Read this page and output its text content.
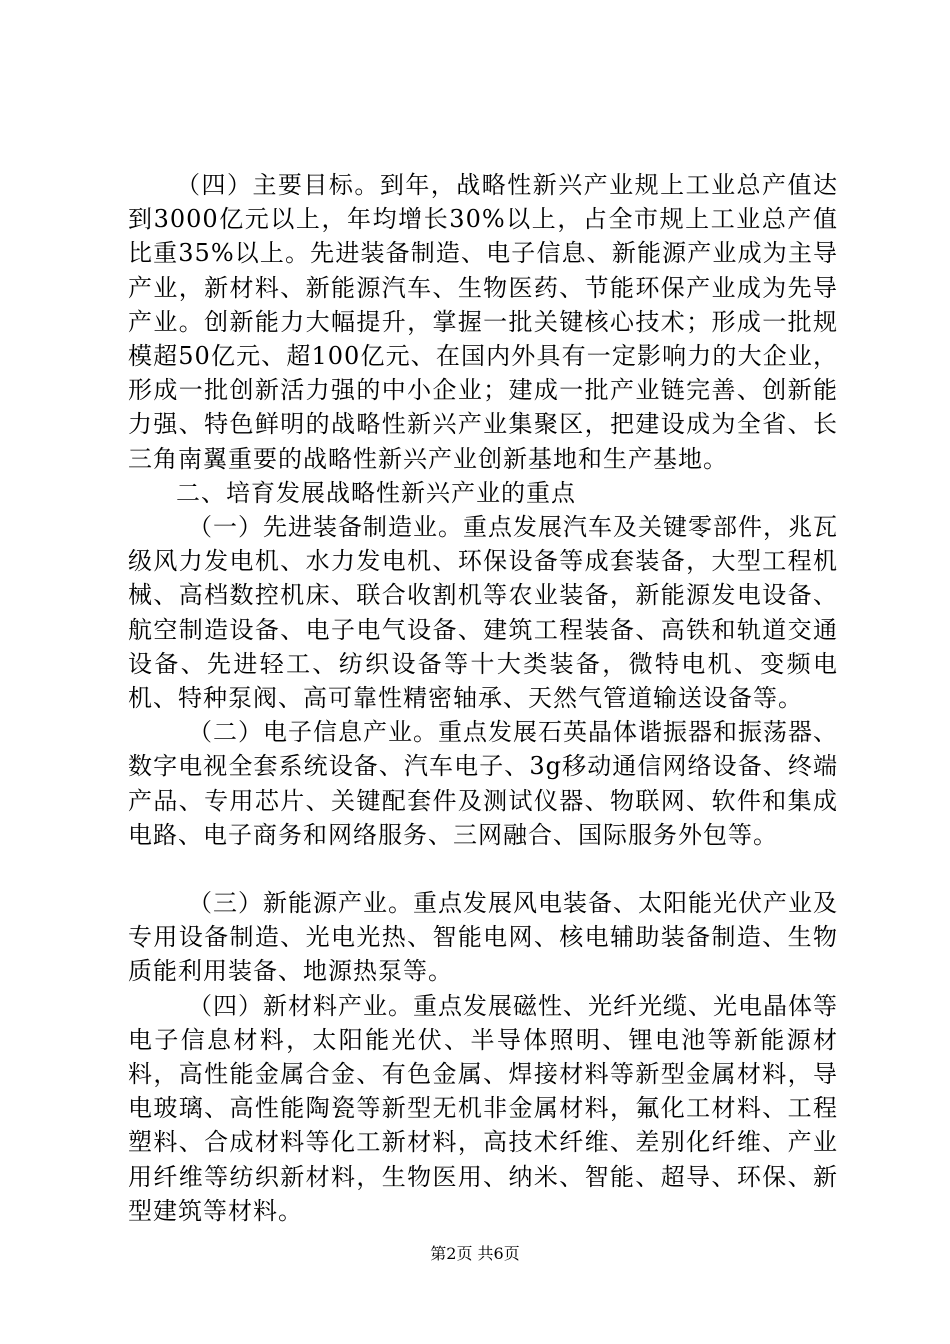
（四）主要目标。到年，战略性新兴产业规上工业总产值达到3000亿元以上，年均增长30%以上，占全市规上工业总产值比重35%以上。先进装备制造、电子信息、新能源产业成为主导产业，新材料、新能源汽车、生物医药、节能环保产业成为先导产业。创新能力大幅提升，掌握一批关键核心技术；形成一批规模超50亿元、超100亿元、在国内外具有一定影响力的大企业，形成一批创新活力强的中小企业；建成一批产业链完善、创新能力强、特色鲜明的战略性新兴产业集聚区，把建设成为全省、长三角南翼重要的战略性新兴产业创新基地和生产基地。

二、培育发展战略性新兴产业的重点

（一）先进装备制造业。重点发展汽车及关键零部件，兆瓦级风力发电机、水力发电机、环保设备等成套装备，大型工程机械、高档数控机床、联合收割机等农业装备，新能源发电设备、航空制造设备、电子电气设备、建筑工程装备、高铁和轨道交通设备、先进轻工、纺织设备等十大类装备，微特电机、变频电机、特种泵阀、高可靠性精密轴承、天然气管道输送设备等。

（二）电子信息产业。重点发展石英晶体谐振器和振荡器、数字电视全套系统设备、汽车电子、3g移动通信网络设备、终端产品、专用芯片、关键配套件及测试仪器、物联网、软件和集成电路、电子商务和网络服务、三网融合、国际服务外包等。

（三）新能源产业。重点发展风电装备、太阳能光伏产业及专用设备制造、光电光热、智能电网、核电辅助装备制造、生物质能利用装备、地源热泵等。

（四）新材料产业。重点发展磁性、光纤光缆、光电晶体等电子信息材料，太阳能光伏、半导体照明、锂电池等新能源材料，高性能金属合金、有色金属、焊接材料等新型金属材料，导电玻璃、高性能陶瓷等新型无机非金属材料，氟化工材料、工程塑料、合成材料等化工新材料，高技术纤维、差别化纤维、产业用纤维等纺织新材料，生物医用、纳米、智能、超导、环保、新型建筑等材料。

第2页 共6页
